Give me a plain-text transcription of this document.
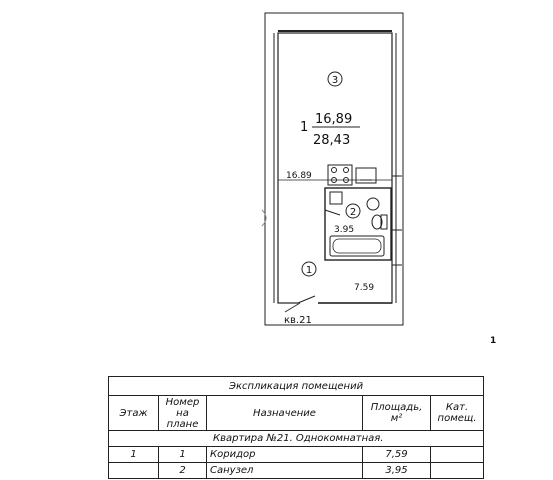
3
2
1
1
16,89
28,43
16.89
3.95
7.59
кв.21
1
Экспликация помещений				
Этаж	Номер на плане	Назначение	Площадь, м²	Кат. помещ.
Квартира №21. Однокомнатная.				
1	1	Коридор	7,59	
	2	Санузел	3,95	
